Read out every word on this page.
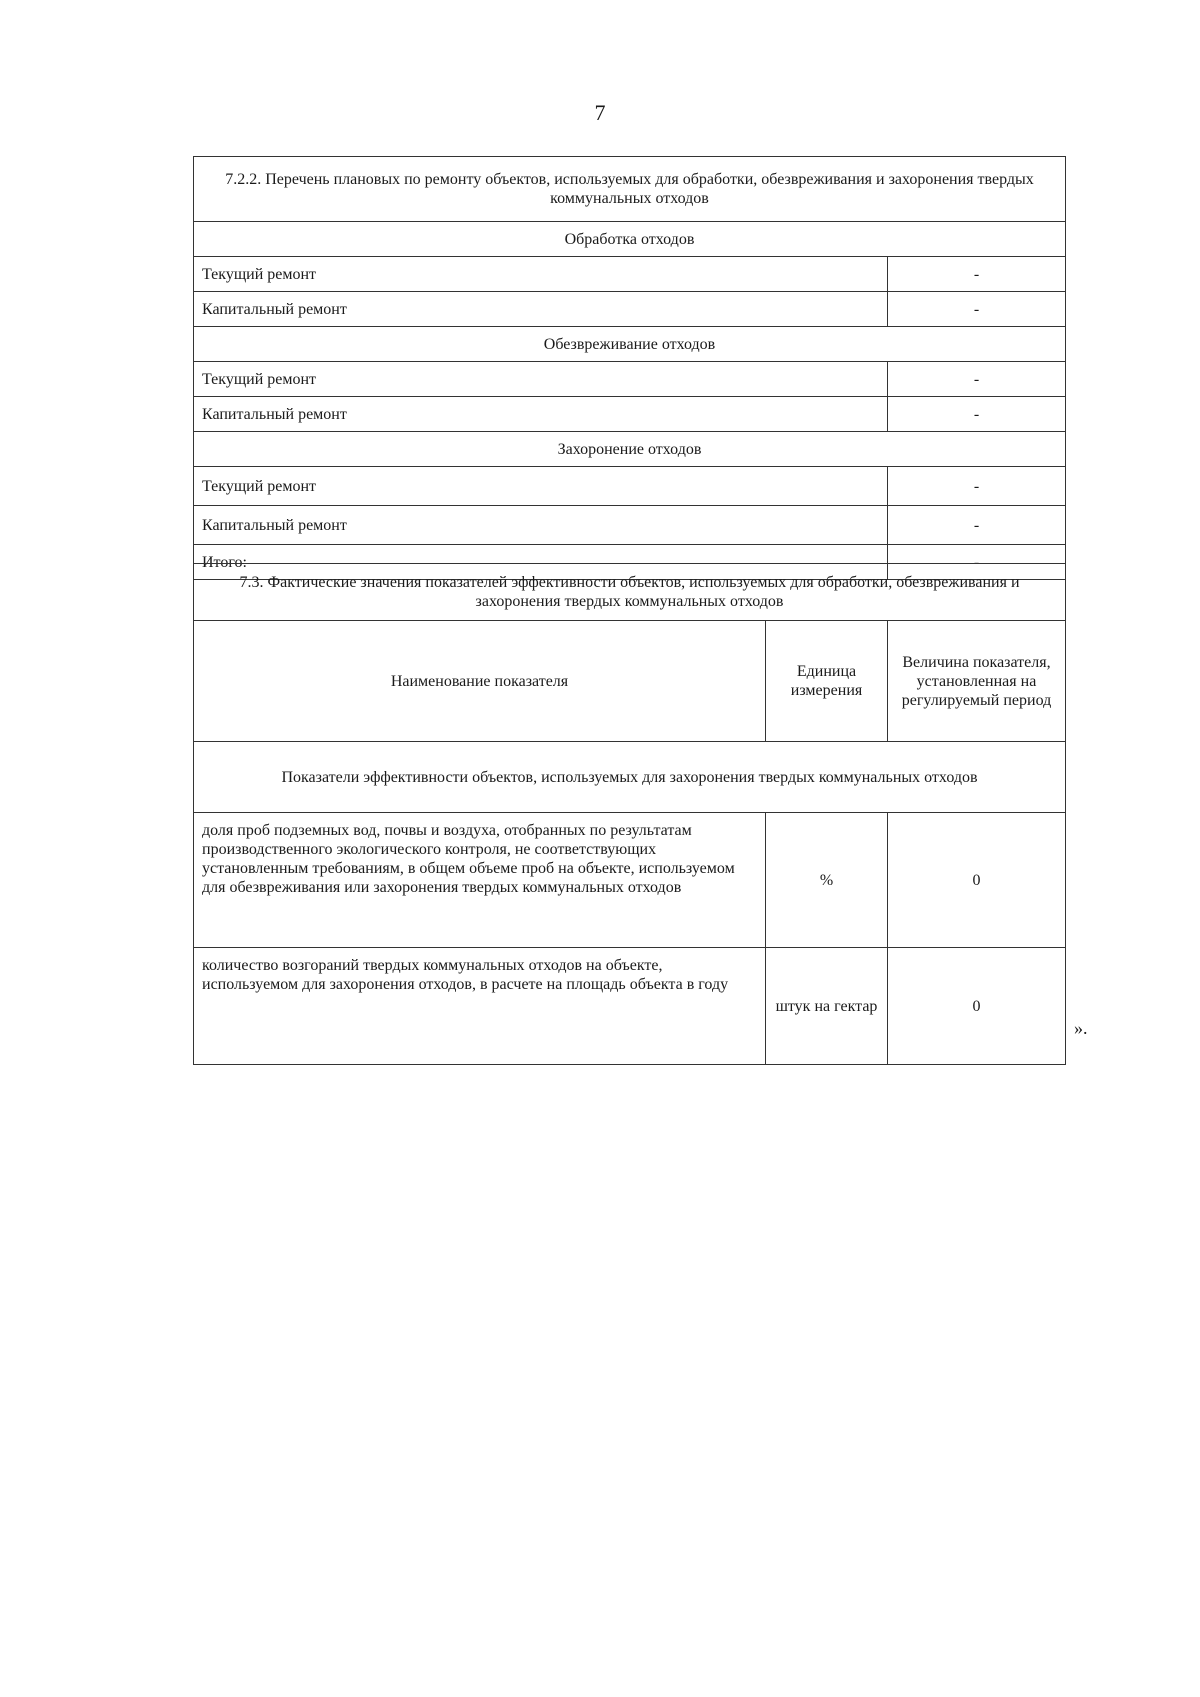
7
7.2.2. Перечень плановых по ремонту объектов, используемых для обработки, обезвреживания и захоронения твердых коммунальных отходов	
Обработка отходов	
Текущий ремонт	-
Капитальный ремонт	-
Обезвреживание отходов	
Текущий ремонт	-
Капитальный ремонт	-
Захоронение отходов	
Текущий ремонт	-
Капитальный ремонт	-
Итого:	-
7.3. Фактические значения показателей эффективности объектов, используемых для обработки, обезвреживания и захоронения твердых коммунальных отходов		
Наименование показателя	Единица измерения	Величина показателя, установленная на регулируемый период
Показатели эффективности объектов, используемых для захоронения твердых коммунальных отходов		
доля проб подземных вод, почвы и воздуха, отобранных по результатам производственного экологического контроля, не соответствующих установленным требованиям, в общем объеме проб на объекте, используемом для обезвреживания или захоронения твердых коммунальных отходов	%	0
количество возгораний твердых коммунальных отходов на объекте, используемом для захоронения отходов, в расчете на площадь объекта в году	штук на гектар	0
».
